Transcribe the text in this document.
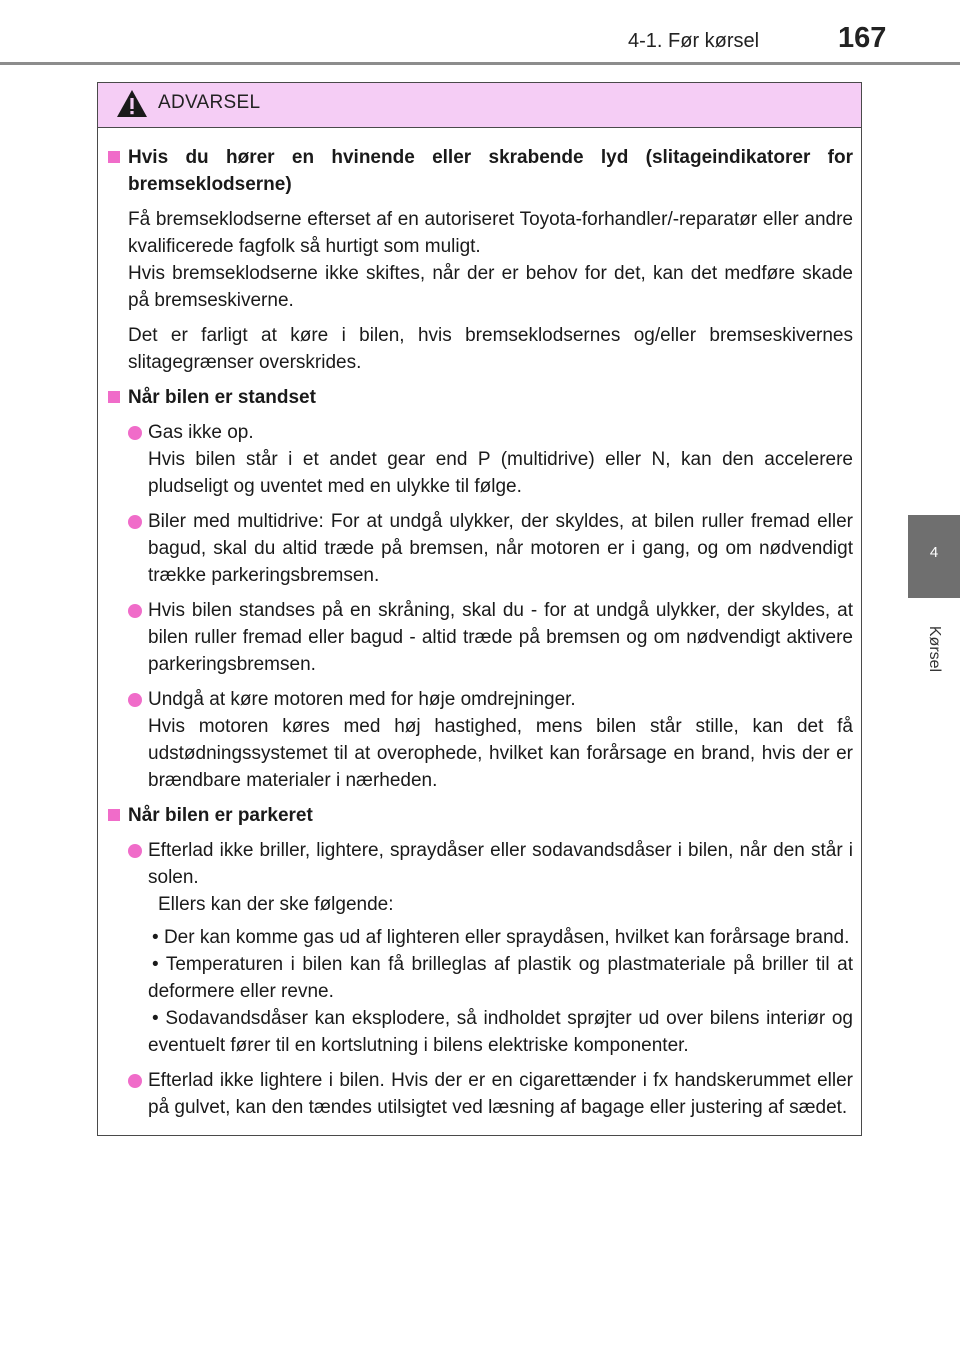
4-1. Før kørsel	167
4
Kørsel
ADVARSEL
Hvis du hører en hvinende eller skrabende lyd (slitageindikatorer for bremseklodserne)
Få bremseklodserne efterset af en autoriseret Toyota-forhandler/-reparatør eller andre kvalificerede fagfolk så hurtigt som muligt.
Hvis bremseklodserne ikke skiftes, når der er behov for det, kan det medføre skade på bremseskiverne.
Det er farligt at køre i bilen, hvis bremseklodsernes og/eller bremseskivernes slitagegrænser overskrides.
Når bilen er standset
Gas ikke op.
Hvis bilen står i et andet gear end P (multidrive) eller N, kan den accelerere pludseligt og uventet med en ulykke til følge.
Biler med multidrive: For at undgå ulykker, der skyldes, at bilen ruller fremad eller bagud, skal du altid træde på bremsen, når motoren er i gang, og om nødvendigt trække parkeringsbremsen.
Hvis bilen standses på en skråning, skal du - for at undgå ulykker, der skyldes, at bilen ruller fremad eller bagud - altid træde på bremsen og om nødvendigt aktivere parkeringsbremsen.
Undgå at køre motoren med for høje omdrejninger.
Hvis motoren køres med høj hastighed, mens bilen står stille, kan det få udstødningssystemet til at overophede, hvilket kan forårsage en brand, hvis der er brændbare materialer i nærheden.
Når bilen er parkeret
Efterlad ikke briller, lightere, spraydåser eller sodavandsdåser i bilen, når den står i solen.
Ellers kan der ske følgende:
• Der kan komme gas ud af lighteren eller spraydåsen, hvilket kan forårsage brand.
• Temperaturen i bilen kan få brilleglas af plastik og plastmateriale på briller til at deformere eller revne.
• Sodavandsdåser kan eksplodere, så indholdet sprøjter ud over bilens interiør og eventuelt fører til en kortslutning i bilens elektriske komponenter.
Efterlad ikke lightere i bilen. Hvis der er en cigarettænder i fx handskerummet eller på gulvet, kan den tændes utilsigtet ved læsning af bagage eller justering af sædet.
